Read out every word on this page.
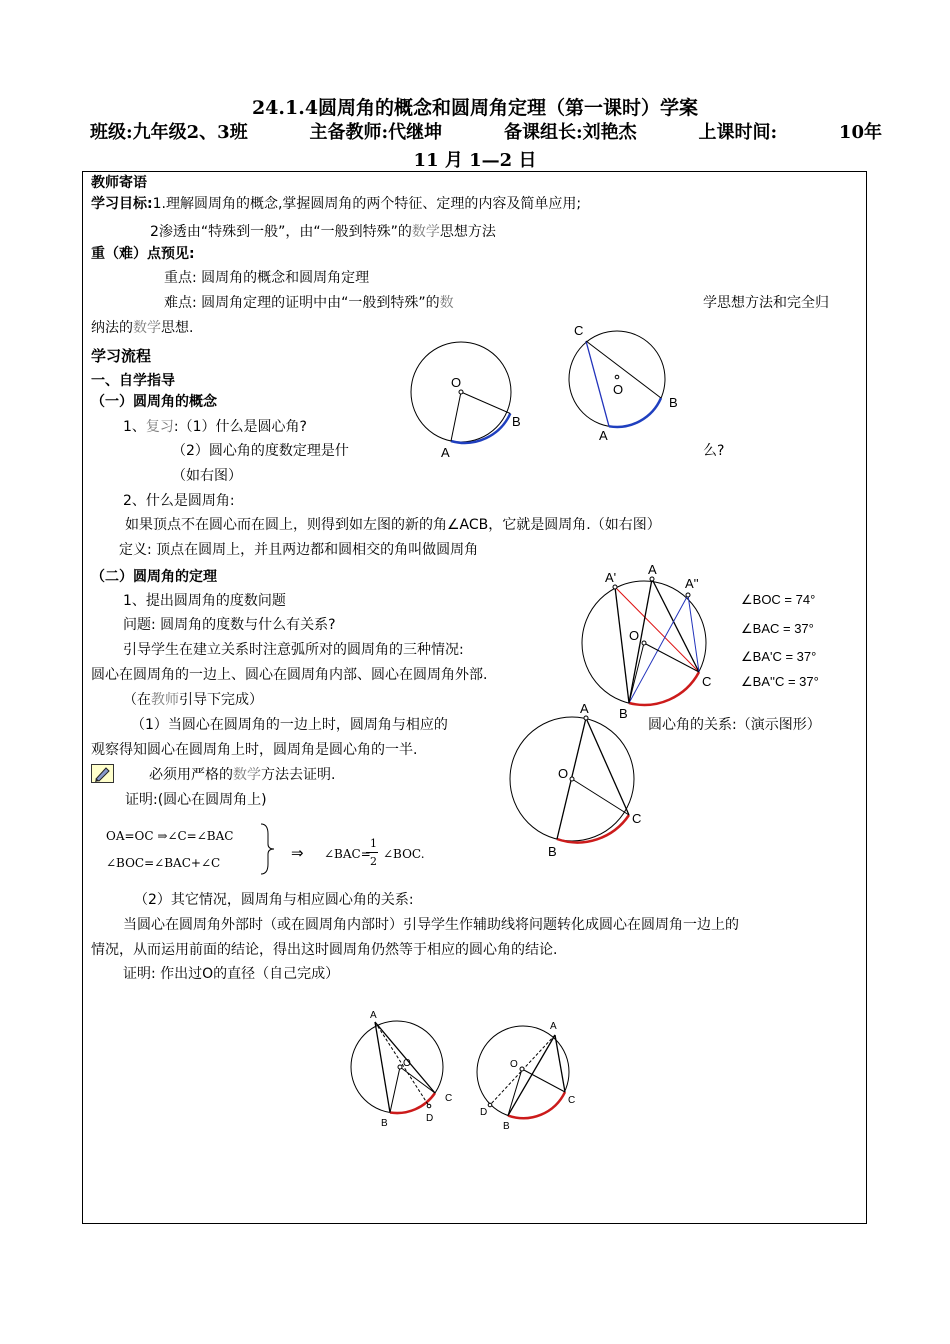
24.1.4圆周角的概念和圆周角定理（第一课时）学案
班级:九年级2、3班	主备教师:代继坤	备课组长:刘艳杰	上课时间:	10年
11 月 1—2 日
教师寄语
学习目标:1.理解圆周角的概念,掌握圆周角的两个特征、定理的内容及简单应用;
2渗透由“特殊到一般”，由“一般到特殊”的数学思想方法
重（难）点预见:
重点: 圆周角的概念和圆周角定理
难点: 圆周角定理的证明中由“一般到特殊”的数	学思想方法和完全归
纳法的数学思想.
学习流程
一、自学指导
（一）圆周角的概念
1、复习:（1）什么是圆心角?
（2）圆心角的度数定理是什	么?
（如右图）
2、什么是圆周角:
如果顶点不在圆心而在圆上，则得到如左图的新的角∠ACB，它就是圆周角.（如右图）
定义: 顶点在圆周上，并且两边都和圆相交的角叫做圆周角
（二）圆周角的定理
1、提出圆周角的度数问题
问题: 圆周角的度数与什么有关系?
引导学生在建立关系时注意弧所对的圆周角的三种情况:
圆心在圆周角的一边上、圆心在圆周角内部、圆心在圆周角外部.
（在教师引导下完成）
（1）当圆心在圆周角的一边上时，圆周角与相应的	圆心角的关系:（演示图形）
观察得知圆心在圆周角上时，圆周角是圆心角的一半.
必须用严格的数学方法去证明.
证明:(圆心在圆周角上)
OA=OC ⇒∠C=∠BAC
∠BOC=∠BAC+∠C
⇒ ∠BAC=
1
2
∠BOC.
（2）其它情况，圆周角与相应圆心角的关系:
当圆心在圆周角外部时（或在圆周角内部时）引导学生作辅助线将问题转化成圆心在圆周角一边上的
情况，从而运用前面的结论，得出这时圆周角仍然等于相应的圆心角的结论.
证明: 作出过O的直径（自己完成）
O
B
A
C
O
B
A
A'
A
A''
O
B
C
∠BOC = 74°
∠BAC = 37°
∠BA'C = 37°
∠BA''C = 37°
A
O
B
C
A
O
B
C
D
A
O
B
C
D
